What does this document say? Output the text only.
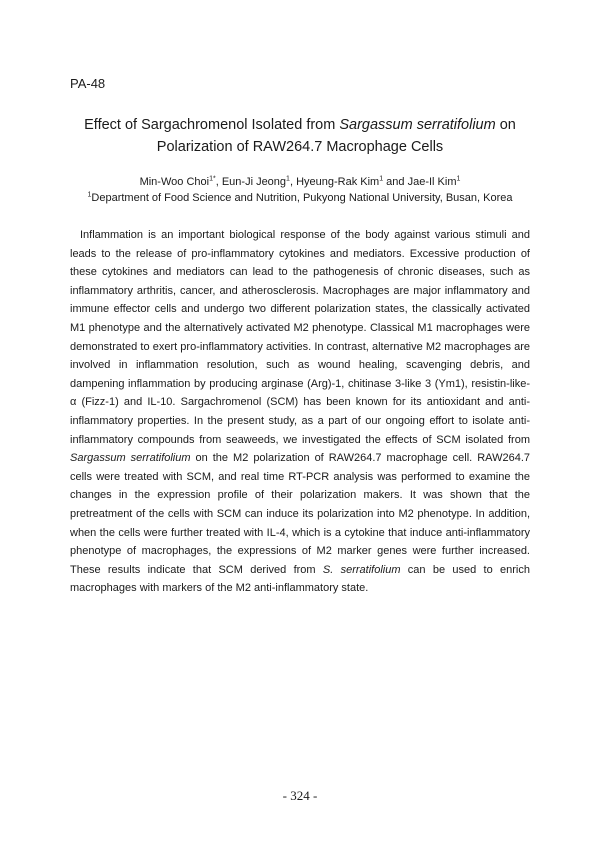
PA-48
Effect of Sargachromenol Isolated from Sargassum serratifolium on Polarization of RAW264.7 Macrophage Cells
Min-Woo Choi$^{1*}$, Eun-Ji Jeong$^1$, Hyeung-Rak Kim$^1$ and Jae-Il Kim$^1$
$^1$Department of Food Science and Nutrition, Pukyong National University, Busan, Korea

Inflammation is an important biological response of the body against various stimuli and leads to the release of pro-inflammatory cytokines and mediators. Excessive production of these cytokines and mediators can lead to the pathogenesis of chronic diseases, such as inflammatory arthritis, cancer, and atherosclerosis. Macrophages are major inflammatory and immune effector cells and undergo two different polarization states, the classically activated M1 phenotype and the alternatively activated M2 phenotype. Classical M1 macrophages were demonstrated to exert pro-inflammatory activities. In contrast, alternative M2 macrophages are involved in inflammation resolution, such as wound healing, scavenging debris, and dampening inflammation by producing arginase (Arg)-1, chitinase 3-like 3 (Ym1), resistin-like-α (Fizz-1) and IL-10. Sargachromenol (SCM) has been known for its antioxidant and anti-inflammatory properties. In the present study, as a part of our ongoing effort to isolate anti-inflammatory compounds from seaweeds, we investigated the effects of SCM isolated from Sargassum serratifolium on the M2 polarization of RAW264.7 macrophage cell. RAW264.7 cells were treated with SCM, and real time RT-PCR analysis was performed to examine the changes in the expression profile of their polarization makers. It was shown that the pretreatment of the cells with SCM can induce its polarization into M2 phenotype. In addition, when the cells were further treated with IL-4, which is a cytokine that induce anti-inflammatory phenotype of macrophages, the expressions of M2 marker genes were further increased. These results indicate that SCM derived from S. serratifolium can be used to enrich macrophages with markers of the M2 anti-inflammatory state.

- 324 -
